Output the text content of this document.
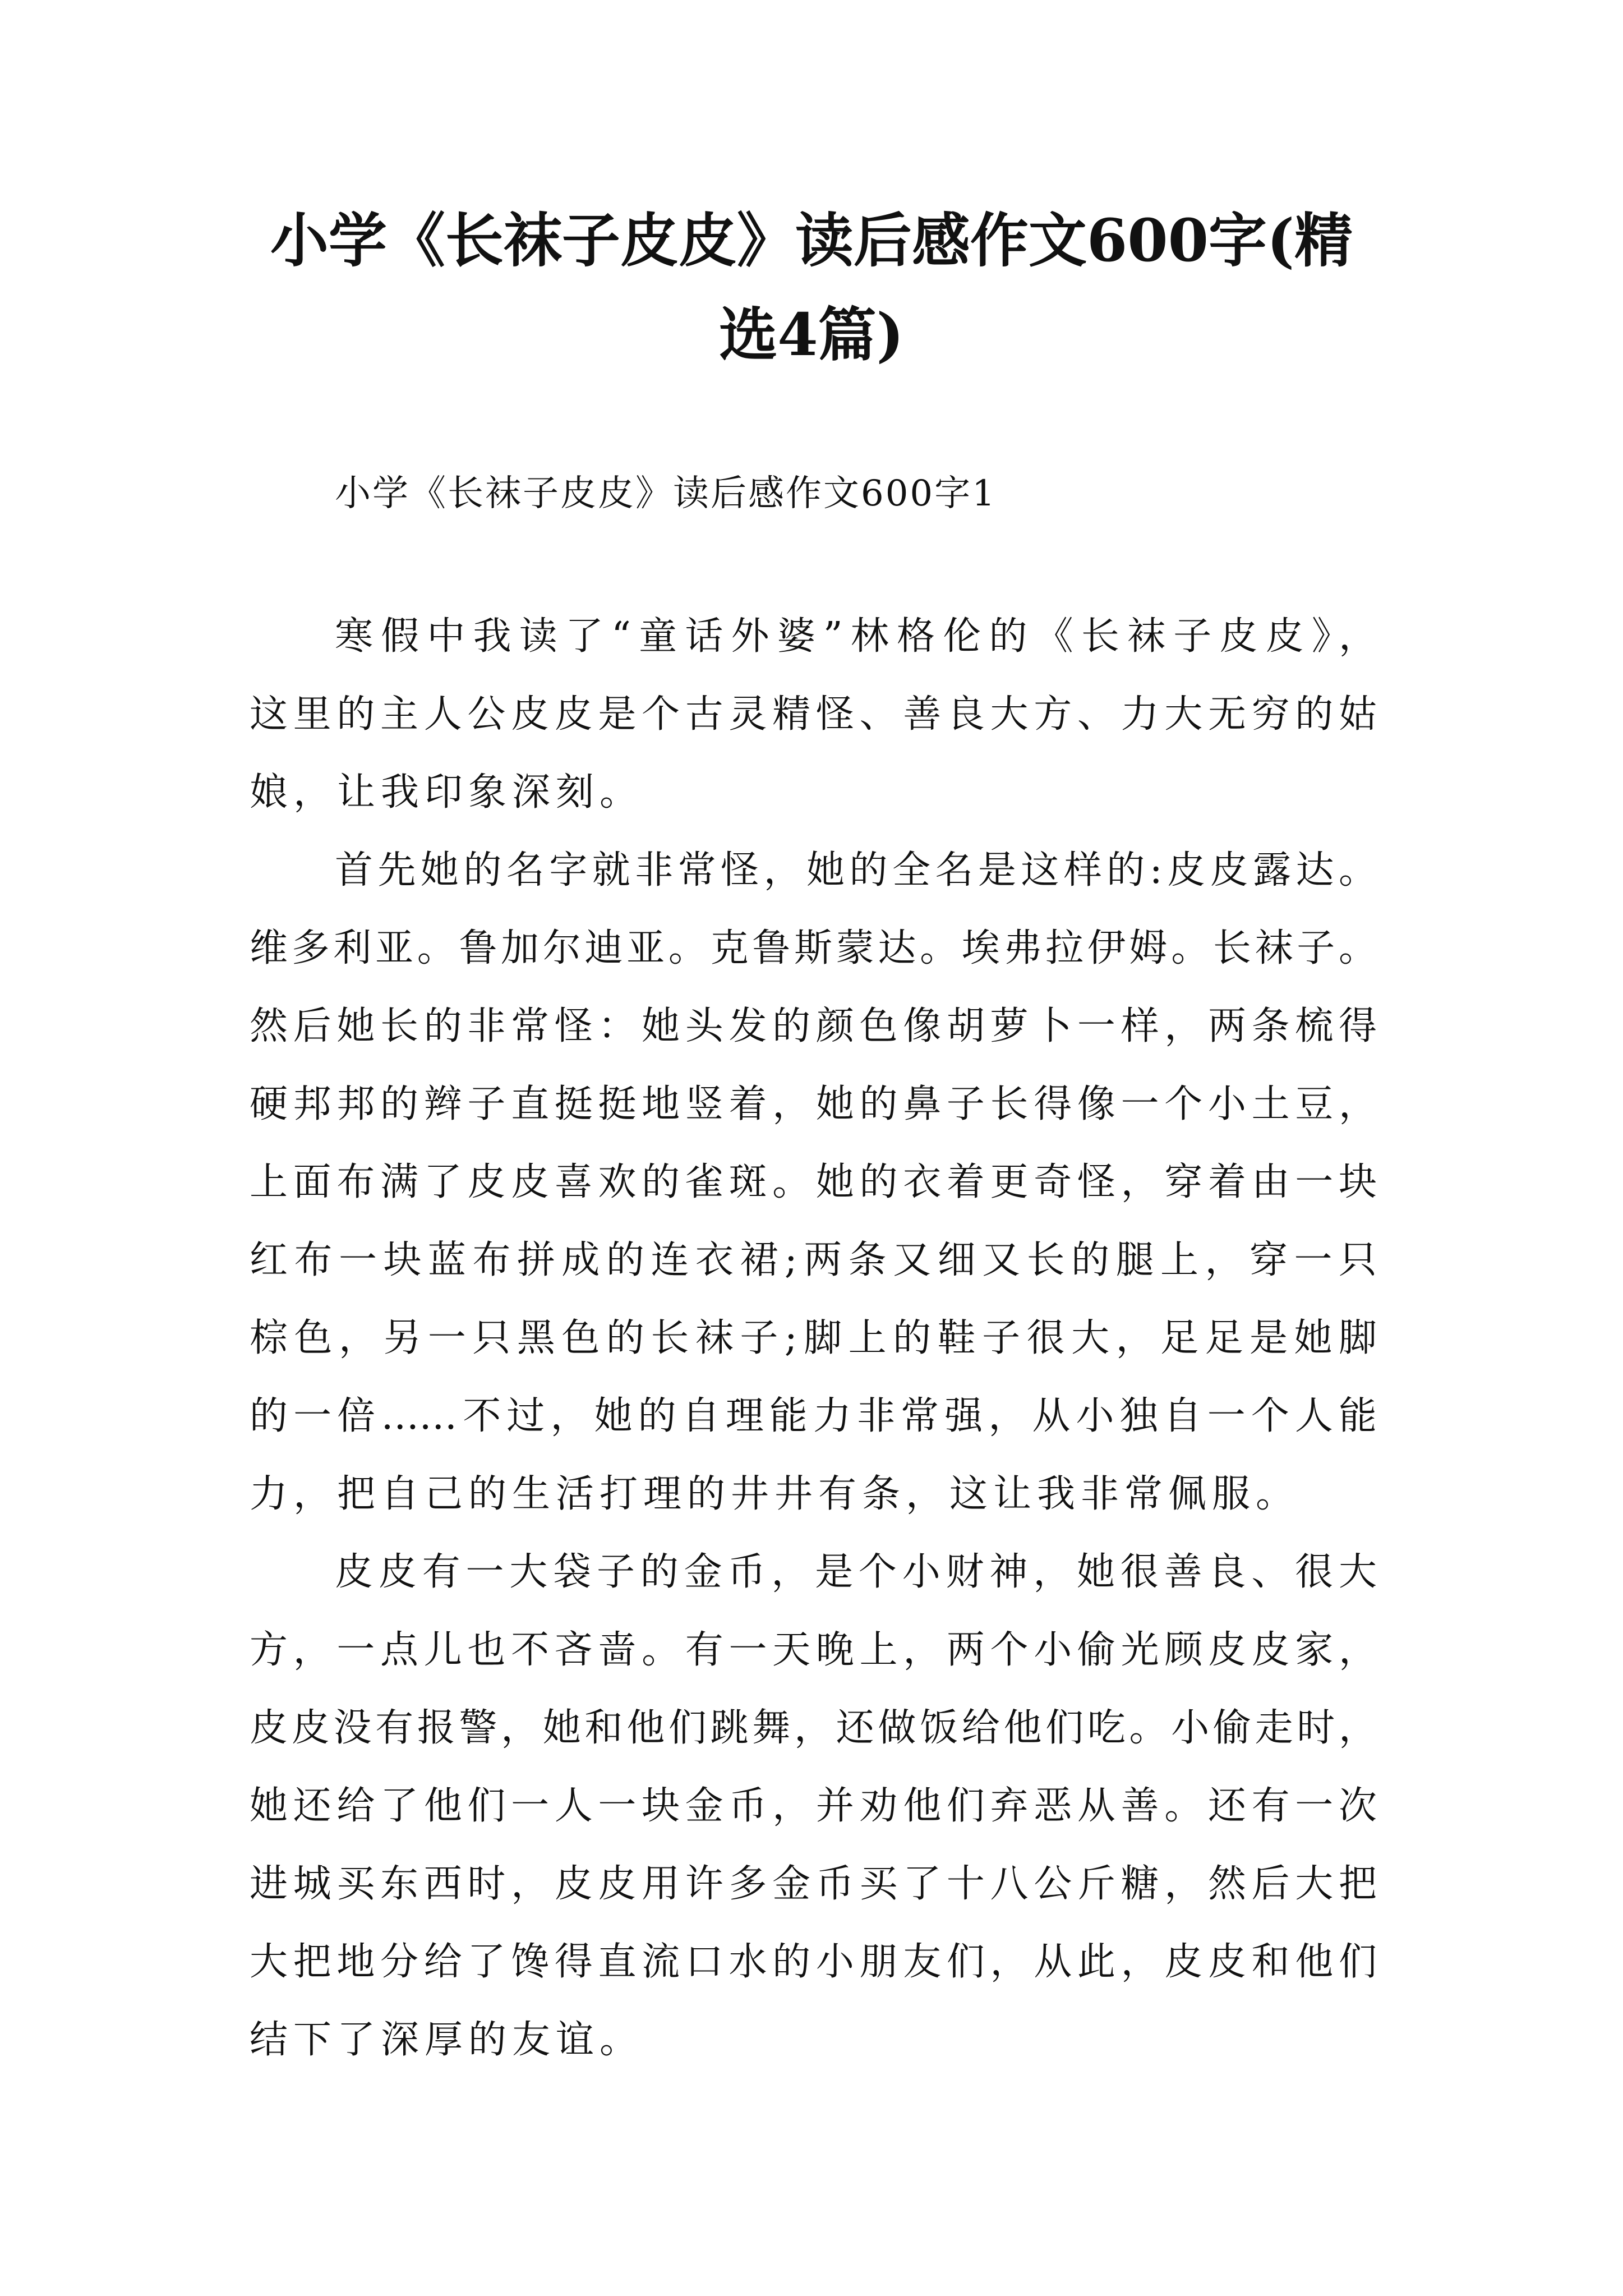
小学《长袜子皮皮》读后感作文600字(精
选4篇)
小学《长袜子皮皮》读后感作文600字1
寒假中我读了“童话外婆”林格伦的《长袜子皮皮》，
这里的主人公皮皮是个古灵精怪、善良大方、力大无穷的姑
娘，让我印象深刻。
首先她的名字就非常怪，她的全名是这样的:皮皮露达。
维多利亚。鲁加尔迪亚。克鲁斯蒙达。埃弗拉伊姆。长袜子。
然后她长的非常怪：她头发的颜色像胡萝卜一样，两条梳得
硬邦邦的辫子直挺挺地竖着，她的鼻子长得像一个小土豆，
上面布满了皮皮喜欢的雀斑。她的衣着更奇怪，穿着由一块
红布一块蓝布拼成的连衣裙;两条又细又长的腿上，穿一只
棕色，另一只黑色的长袜子;脚上的鞋子很大，足足是她脚
的一倍……不过，她的自理能力非常强，从小独自一个人能
力，把自己的生活打理的井井有条，这让我非常佩服。
皮皮有一大袋子的金币，是个小财神，她很善良、很大
方，一点儿也不吝啬。有一天晚上，两个小偷光顾皮皮家，
皮皮没有报警，她和他们跳舞，还做饭给他们吃。小偷走时，
她还给了他们一人一块金币，并劝他们弃恶从善。还有一次
进城买东西时，皮皮用许多金币买了十八公斤糖，然后大把
大把地分给了馋得直流口水的小朋友们，从此，皮皮和他们
结下了深厚的友谊。
